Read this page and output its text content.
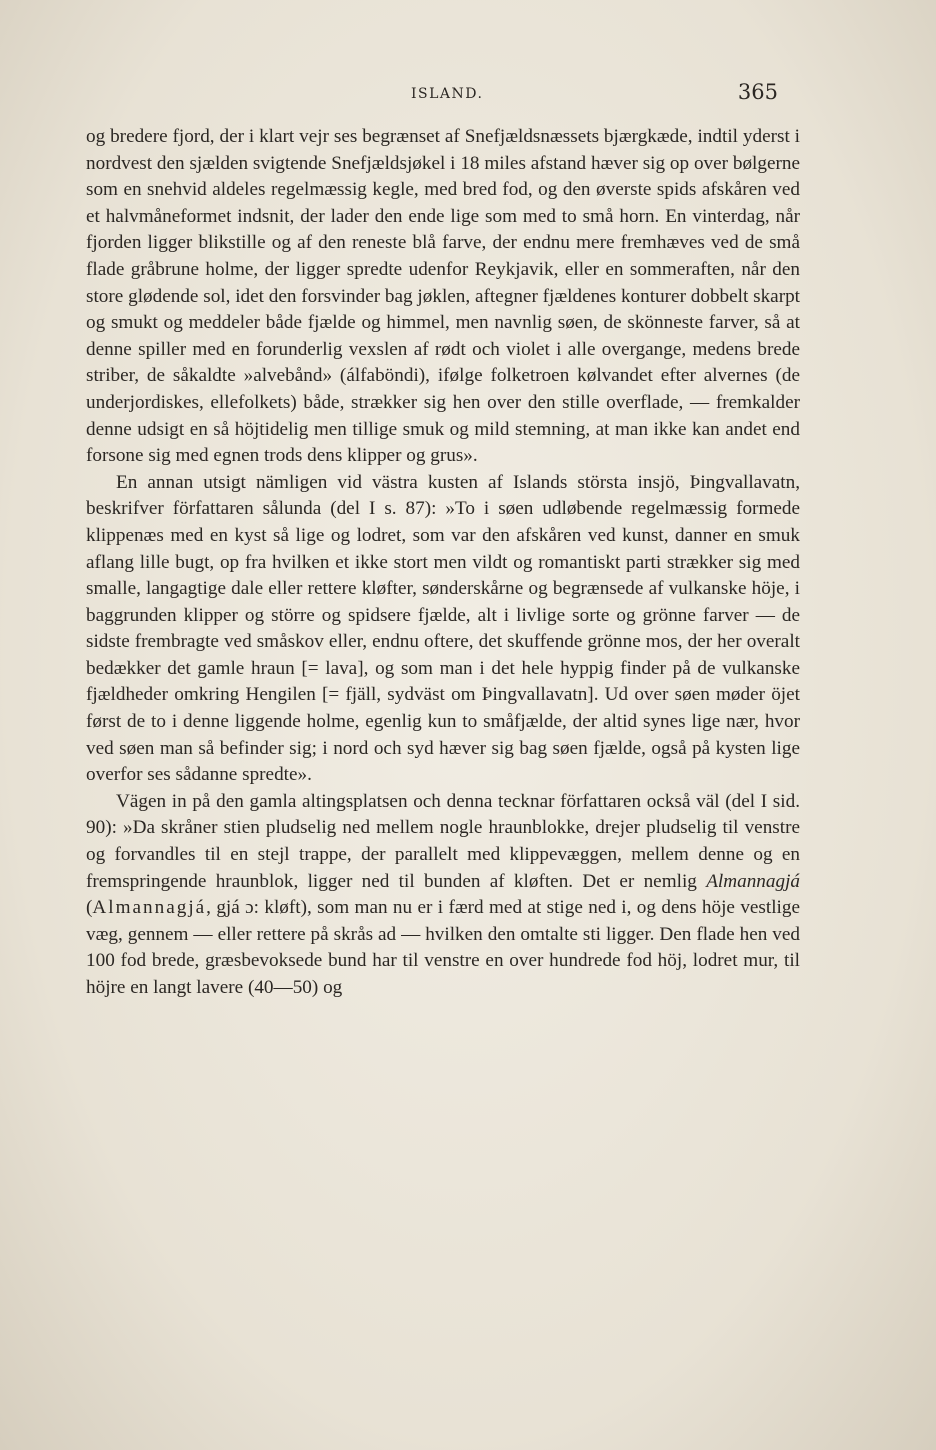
ISLAND.	365

og bredere fjord, der i klart vejr ses begrænset af Snefjældsnæssets bjærgkæde, indtil yderst i nordvest den sjælden svigtende Snefjældsjøkel i 18 miles afstand hæver sig op over bølgerne som en snehvid aldeles regelmæssig kegle, med bred fod, og den øverste spids afskåren ved et halvmåneformet indsnit, der lader den ende lige som med to små horn. En vinterdag, når fjorden ligger blikstille og af den reneste blå farve, der endnu mere fremhæves ved de små flade gråbrune holme, der ligger spredte udenfor Reykjavik, eller en sommeraften, når den store glødende sol, idet den forsvinder bag jøklen, aftegner fjældenes konturer dobbelt skarpt og smukt og meddeler både fjælde og himmel, men navnlig søen, de skönneste farver, så at denne spiller med en forunderlig vexslen af rødt och violet i alle overgange, medens brede striber, de såkaldte »alvebånd» (álfaböndi), ifølge folketroen kølvandet efter alvernes (de underjordiskes, ellefolkets) både, strækker sig hen over den stille overflade, — fremkalder denne udsigt en så höjtidelig men tillige smuk og mild stemning, at man ikke kan andet end forsone sig med egnen trods dens klipper og grus».

En annan utsigt nämligen vid västra kusten af Islands största insjö, Þingvallavatn, beskrifver författaren sålunda (del I s. 87): »To i søen udløbende regelmæssig formede klippenæs med en kyst så lige og lodret, som var den afskåren ved kunst, danner en smuk aflang lille bugt, op fra hvilken et ikke stort men vildt og romantiskt parti strækker sig med smalle, langagtige dale eller rettere kløfter, sønderskårne og begrænsede af vulkanske höje, i baggrunden klipper og större og spidsere fjælde, alt i livlige sorte og grönne farver — de sidste frembragte ved småskov eller, endnu oftere, det skuffende grönne mos, der her overalt bedækker det gamle hraun [= lava], og som man i det hele hyppig finder på de vulkanske fjældheder omkring Hengilen [= fjäll, sydväst om Þingvallavatn]. Ud over søen møder öjet først de to i denne liggende holme, egenlig kun to småfjælde, der altid synes lige nær, hvor ved søen man så befinder sig; i nord och syd hæver sig bag søen fjælde, også på kysten lige overfor ses sådanne spredte».

Vägen in på den gamla altingsplatsen och denna tecknar författaren också väl (del I sid. 90): »Da skråner stien pludselig ned mellem nogle hraunblokke, drejer pludselig til venstre og forvandles til en stejl trappe, der parallelt med klippevæggen, mellem denne og en fremspringende hraunblok, ligger ned til bunden af kløften. Det er nemlig Almannagjá (Almannagjá, gjá ɔ: kløft), som man nu er i færd med at stige ned i, og dens höje vestlige væg, gennem — eller rettere på skrås ad — hvilken den omtalte sti ligger. Den flade hen ved 100 fod brede, græsbevoksede bund har til venstre en over hundrede fod höj, lodret mur, til höjre en langt lavere (40—50) og
